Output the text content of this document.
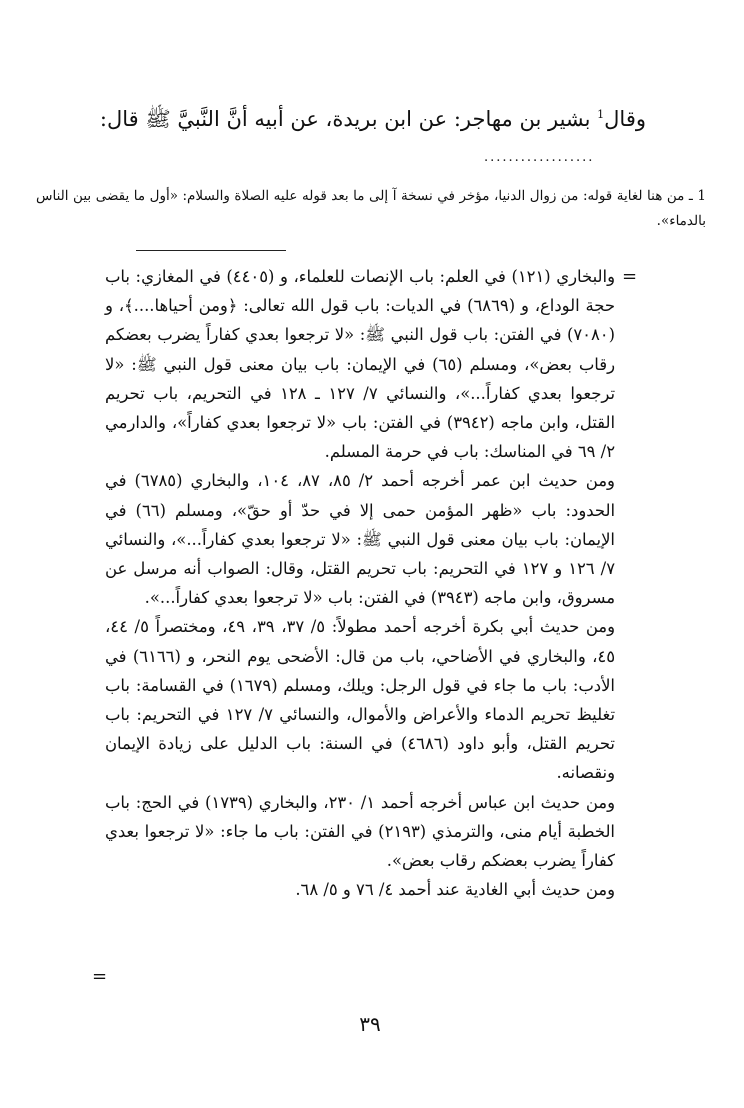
وقال$^1$ بشير بن مهاجر: عن ابن بريدة، عن أبيه أنَّ النَّبيَّ ﷺ قال:
..................
1 ـ من هنا لغاية قوله: من زوال الدنيا، مؤخر في نسخة آ إلى ما بعد قوله عليه الصلاة والسلام: «أول ما يقضى بين الناس بالدماء».
=

والبخاري (١٢١) في العلم: باب الإنصات للعلماء، و (٤٤٠٥) في المغازي: باب حجة الوداع، و (٦٨٦٩) في الديات: باب قول الله تعالى: ﴿ومن أحياها....﴾، و (٧٠٨٠) في الفتن: باب قول النبي ﷺ: «لا ترجعوا بعدي كفاراً يضرب بعضكم رقاب بعض»، ومسلم (٦٥) في الإيمان: باب بيان معنى قول النبي ﷺ: «لا ترجعوا بعدي كفاراً...»، والنسائي ٧/ ١٢٧ ـ ١٢٨ في التحريم، باب تحريم القتل، وابن ماجه (٣٩٤٢) في الفتن: باب «لا ترجعوا بعدي كفاراً»، والدارمي ٢/ ٦٩ في المناسك: باب في حرمة المسلم.

ومن حديث ابن عمر أخرجه أحمد ٢/ ٨٥، ٨٧، ١٠٤، والبخاري (٦٧٨٥) في الحدود: باب «ظهر المؤمن حمى إلا في حدّ أو حقّ»، ومسلم (٦٦) في الإيمان: باب بيان معنى قول النبي ﷺ: «لا ترجعوا بعدي كفاراً...»، والنسائي ٧/ ١٢٦ و ١٢٧ في التحريم: باب تحريم القتل، وقال: الصواب أنه مرسل عن مسروق، وابن ماجه (٣٩٤٣) في الفتن: باب «لا ترجعوا بعدي كفاراً...».

ومن حديث أبي بكرة أخرجه أحمد مطولاً: ٥/ ٣٧، ٣٩، ٤٩، ومختصراً ٥/ ٤٤، ٤٥، والبخاري في الأضاحي، باب من قال: الأضحى يوم النحر، و (٦١٦٦) في الأدب: باب ما جاء في قول الرجل: ويلك، ومسلم (١٦٧٩) في القسامة: باب تغليظ تحريم الدماء والأعراض والأموال، والنسائي ٧/ ١٢٧ في التحريم: باب تحريم القتل، وأبو داود (٤٦٨٦) في السنة: باب الدليل على زيادة الإيمان ونقصانه.

ومن حديث ابن عباس أخرجه أحمد ١/ ٢٣٠، والبخاري (١٧٣٩) في الحج: باب الخطبة أيام منى، والترمذي (٢١٩٣) في الفتن: باب ما جاء: «لا ترجعوا بعدي كفاراً يضرب بعضكم رقاب بعض».

ومن حديث أبي الغادية عند أحمد ٤/ ٧٦ و ٥/ ٦٨.

=
٣٩
